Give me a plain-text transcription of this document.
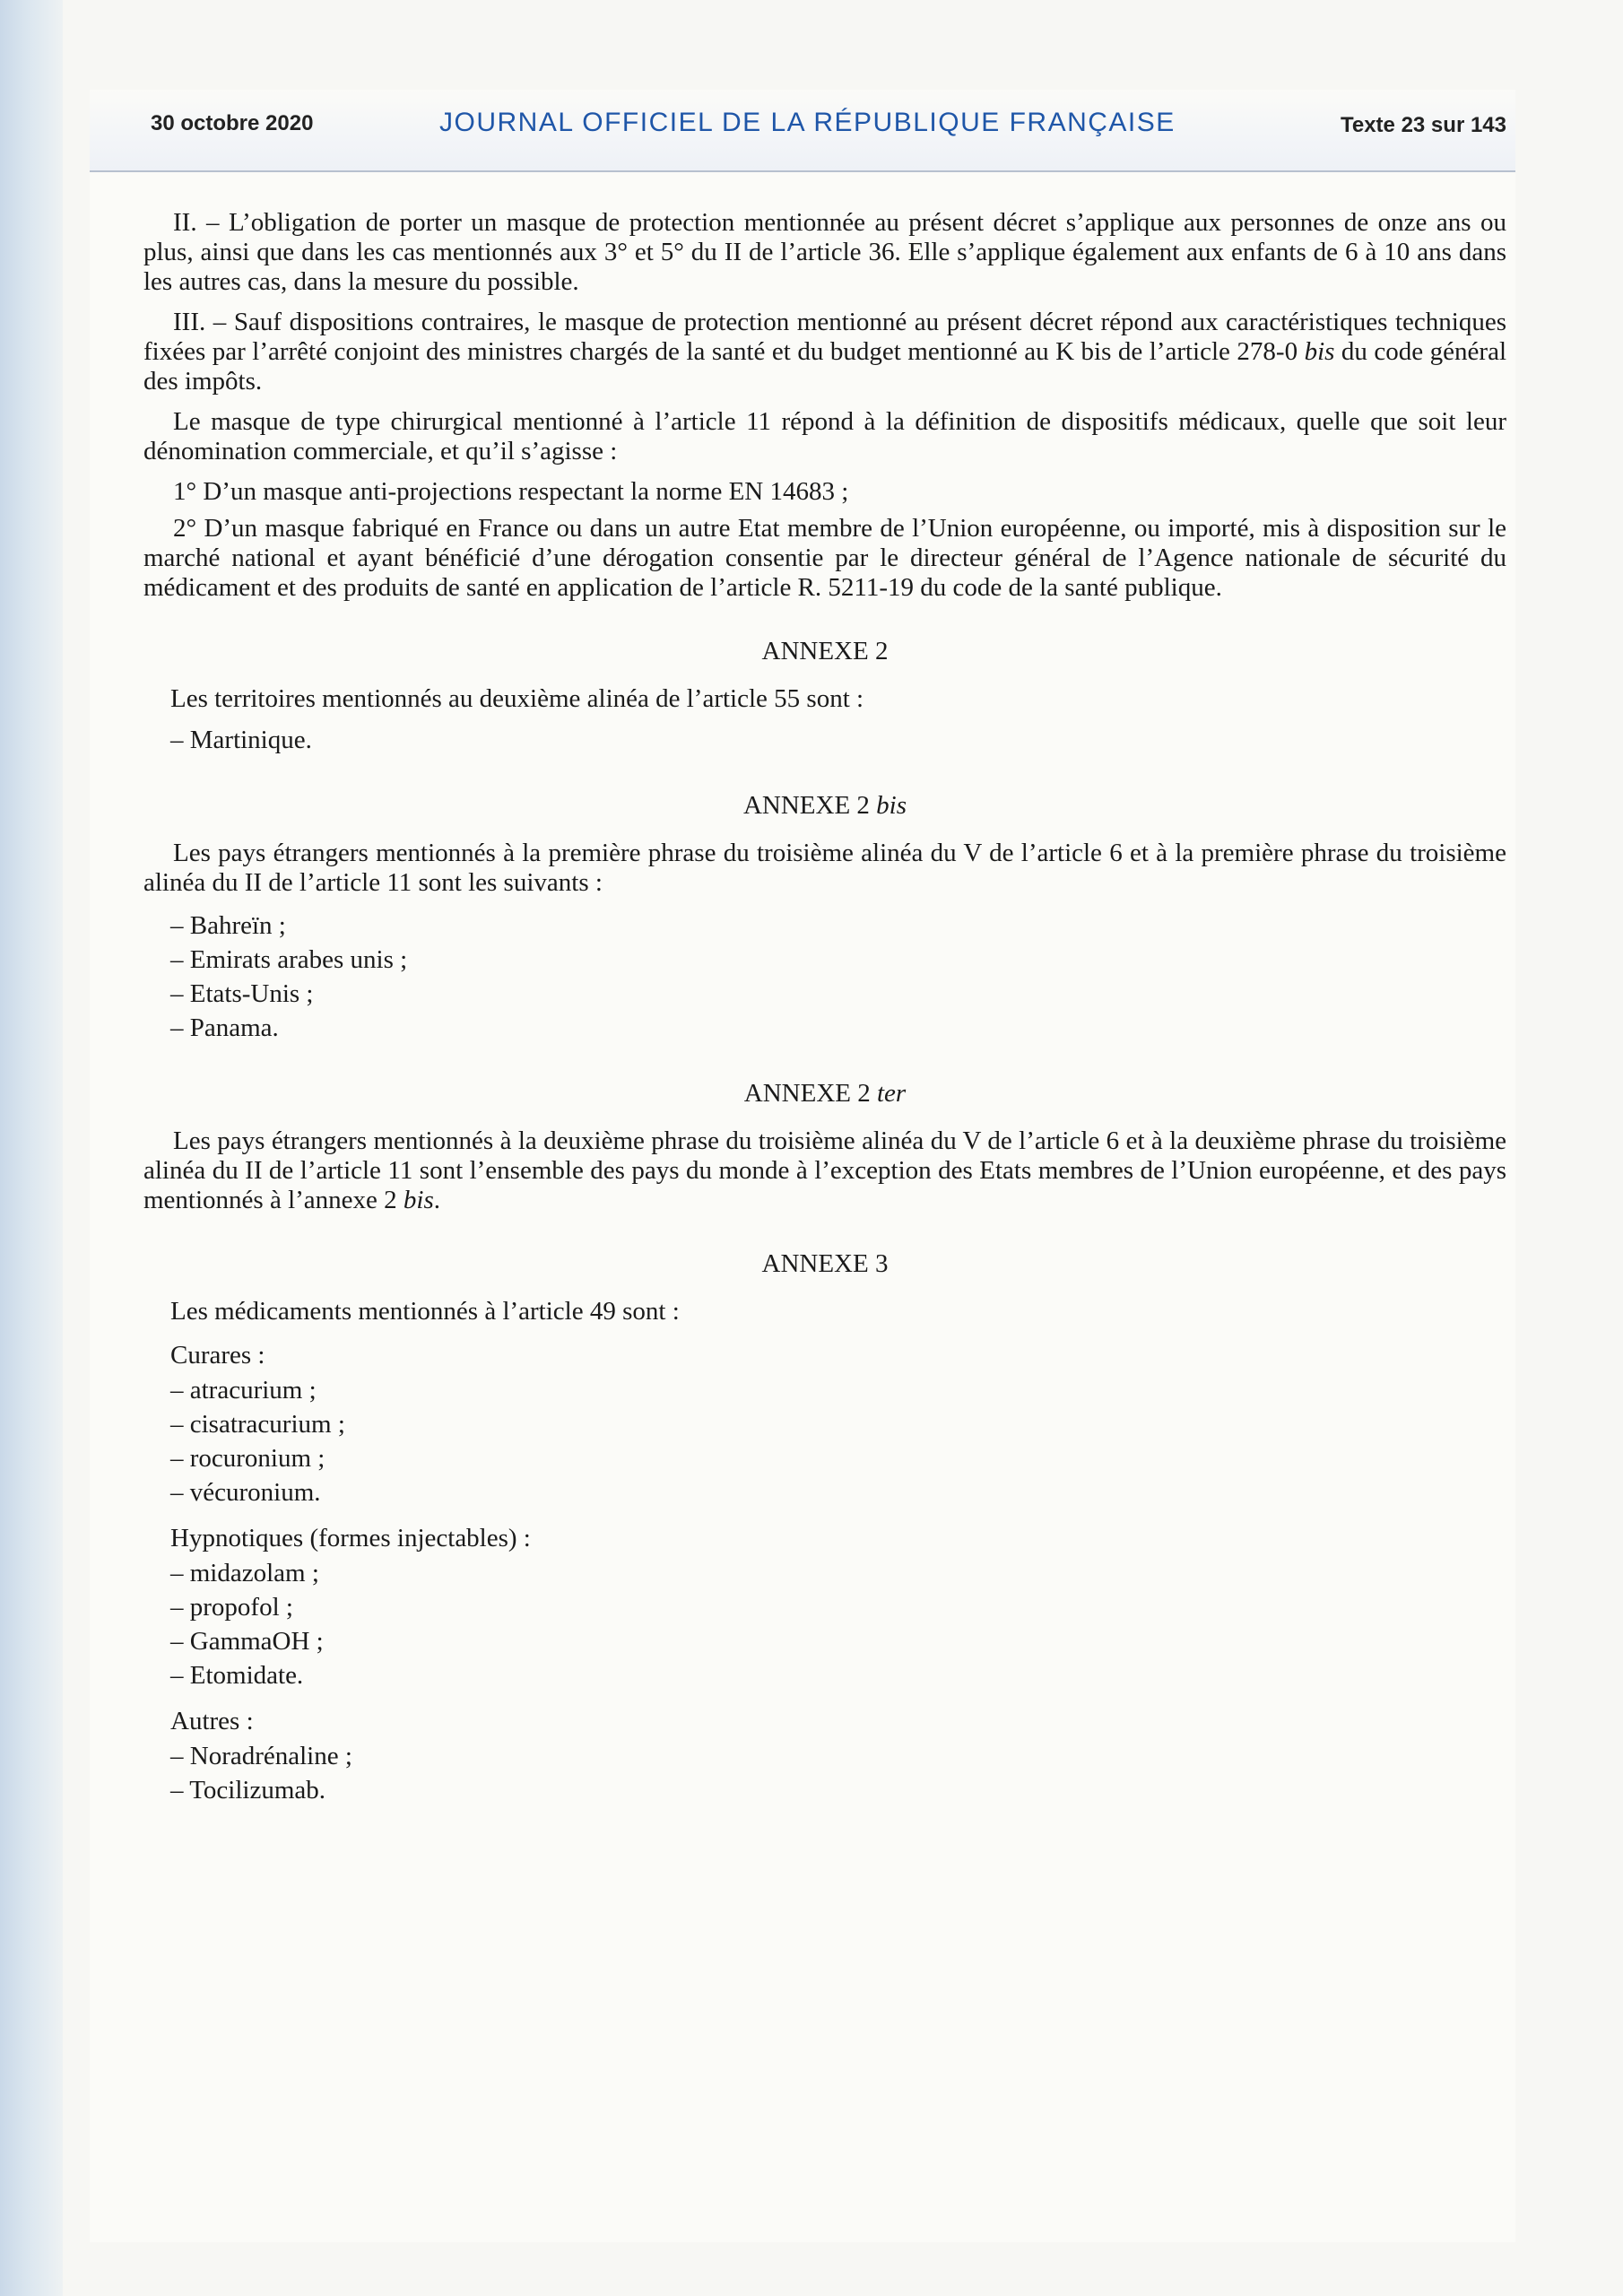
30 octobre 2020	JOURNAL OFFICIEL DE LA RÉPUBLIQUE FRANÇAISE	Texte 23 sur 143

II. – L’obligation de porter un masque de protection mentionnée au présent décret s’applique aux personnes de onze ans ou plus, ainsi que dans les cas mentionnés aux 3° et 5° du II de l’article 36. Elle s’applique également aux enfants de 6 à 10 ans dans les autres cas, dans la mesure du possible.

III. – Sauf dispositions contraires, le masque de protection mentionné au présent décret répond aux caractéristiques techniques fixées par l’arrêté conjoint des ministres chargés de la santé et du budget mentionné au K bis de l’article 278-0 bis du code général des impôts.

Le masque de type chirurgical mentionné à l’article 11 répond à la définition de dispositifs médicaux, quelle que soit leur dénomination commerciale, et qu’il s’agisse :

1° D’un masque anti-projections respectant la norme EN 14683 ;

2° D’un masque fabriqué en France ou dans un autre Etat membre de l’Union européenne, ou importé, mis à disposition sur le marché national et ayant bénéficié d’une dérogation consentie par le directeur général de l’Agence nationale de sécurité du médicament et des produits de santé en application de l’article R. 5211-19 du code de la santé publique.

ANNEXE 2

Les territoires mentionnés au deuxième alinéa de l’article 55 sont :

– Martinique.

ANNEXE 2 bis

Les pays étrangers mentionnés à la première phrase du troisième alinéa du V de l’article 6 et à la première phrase du troisième alinéa du II de l’article 11 sont les suivants :

– Bahreïn ;

– Emirats arabes unis ;

– Etats-Unis ;

– Panama.

ANNEXE 2 ter

Les pays étrangers mentionnés à la deuxième phrase du troisième alinéa du V de l’article 6 et à la deuxième phrase du troisième alinéa du II de l’article 11 sont l’ensemble des pays du monde à l’exception des Etats membres de l’Union européenne, et des pays mentionnés à l’annexe 2 bis.

ANNEXE 3

Les médicaments mentionnés à l’article 49 sont :

Curares :

– atracurium ;

– cisatracurium ;

– rocuronium ;

– vécuronium.

Hypnotiques (formes injectables) :

– midazolam ;

– propofol ;

– GammaOH ;

– Etomidate.

Autres :

– Noradrénaline ;

– Tocilizumab.
